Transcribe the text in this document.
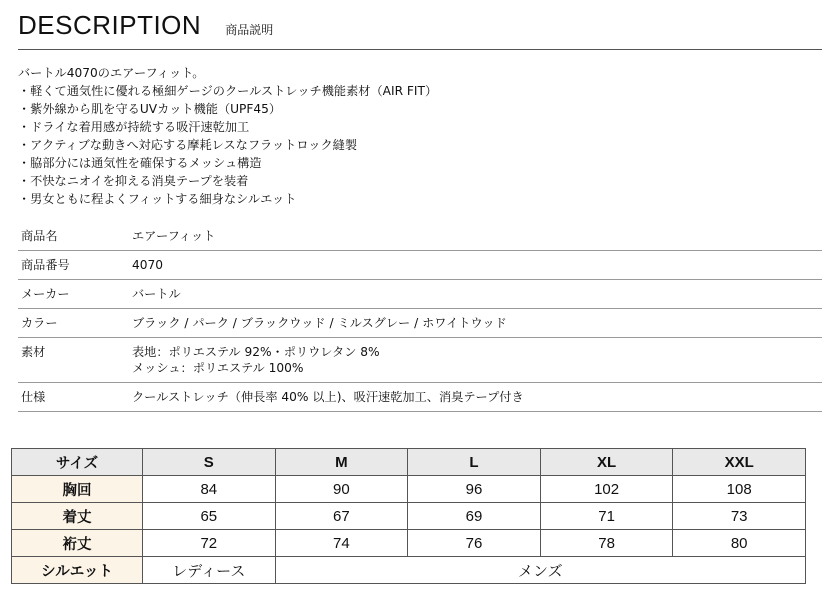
DESCRIPTION 商品説明
バートル4070のエアーフィット。
・軽くて通気性に優れる極細ゲージのクールストレッチ機能素材（AIR FIT）
・紫外線から肌を守るUVカット機能（UPF45）
・ドライな着用感が持続する吸汗速乾加工
・アクティブな動きへ対応する摩耗レスなフラットロック縫製
・脇部分には通気性を確保するメッシュ構造
・不快なニオイを抑える消臭テープを装着
・男女ともに程よくフィットする細身なシルエット
商品名	エアーフィット
商品番号	4070
メーカー	バートル
カラー	ブラック / パーク / ブラックウッド / ミルスグレー / ホワイトウッド
素材	表地：ポリエステル 92%・ポリウレタン 8%
メッシュ：ポリエステル 100%
仕様	クールストレッチ（伸長率 40% 以上)、吸汗速乾加工、消臭テープ付き
サイズ	S	M	L	XL	XXL
胸回	84	90	96	102	108
着丈	65	67	69	71	73
裄丈	72	74	76	78	80
シルエット	レディース	メンズ			
